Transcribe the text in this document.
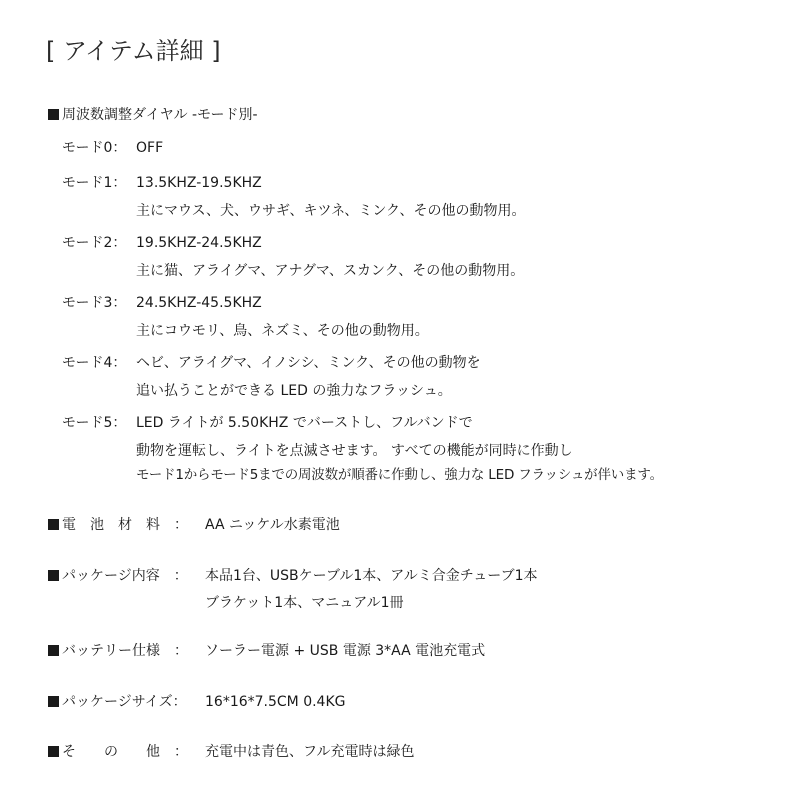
[ アイテム詳細 ]
周波数調整ダイヤル -モード別-
モード0： OFF
モード1： 13.5KHZ-19.5KHZ
主にマウス、犬、ウサギ、キツネ、ミンク、その他の動物用。
モード2： 19.5KHZ-24.5KHZ
主に猫、アライグマ、アナグマ、スカンク、その他の動物用。
モード3： 24.5KHZ-45.5KHZ
主にコウモリ、鳥、ネズミ、その他の動物用。
モード4： ヘビ、アライグマ、イノシシ、ミンク、その他の動物を
追い払うことができる LED の強力なフラッシュ。
モード5： LED ライトが 5.50KHZ でバーストし、フルバンドで
動物を運転し、ライトを点滅させます。 すべての機能が同時に作動し
モード1からモード5までの周波数が順番に作動し、強力な LED フラッシュが伴います。
電　池　材　料　： AA ニッケル水素電池
パッケージ内容　： 本品1台、USBケーブル1本、アルミ合金チューブ1本
ブラケット1本、マニュアル1冊
バッテリー仕様　： ソーラー電源 + USB 電源 3*AA 電池充電式
パッケージサイズ： 16*16*7.5CM 0.4KG
そ　　の　　他　： 充電中は青色、フル充電時は緑色
